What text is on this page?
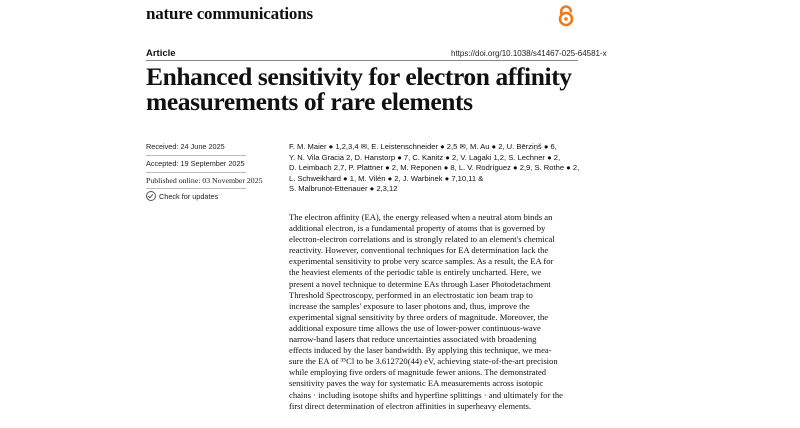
nature communications
Article	https://doi.org/10.1038/s41467-025-64581-x
Enhanced sensitivity for electron affinity
measurements of rare elements
Received: 24 June 2025
Accepted: 19 September 2025
Published online: 03 November 2025
Check for updates
F. M. Maier ● 1,2,3,4 ✉, E. Leistenschneider ● 2,5 ✉, M. Au ● 2, U. Bērziņš ● 6,
Y. N. Vila Gracia 2, D. Hanstorp ● 7, C. Kanitz ● 2, V. Lagaki 1,2, S. Lechner ● 2,
D. Leimbach 2,7, P. Plattner ● 2, M. Reponen ● 8, L. V. Rodríguez ● 2,9, S. Rothe ● 2,
L. Schweikhard ● 1, M. Vilén ● 2, J. Warbinek ● 7,10,11 &
S. Malbrunot-Ettenauer ● 2,3,12
The electron affinity (EA), the energy released when a neutral atom binds an
additional electron, is a fundamental property of atoms that is governed by
electron-electron correlations and is strongly related to an element's chemical
reactivity. However, conventional techniques for EA determination lack the
experimental sensitivity to probe very scarce samples. As a result, the EA for
the heaviest elements of the periodic table is entirely uncharted. Here, we
present a novel technique to determine EAs through Laser Photodetachment
Threshold Spectroscopy, performed in an electrostatic ion beam trap to
increase the samples' exposure to laser photons and, thus, improve the
experimental signal sensitivity by three orders of magnitude. Moreover, the
additional exposure time allows the use of lower-power continuous-wave
narrow-band lasers that reduce uncertainties associated with broadening
effects induced by the laser bandwidth. By applying this technique, we mea-
sure the EA of ³⁵Cl to be 3.612720(44) eV, achieving state-of-the-art precision
while employing five orders of magnitude fewer anions. The demonstrated
sensitivity paves the way for systematic EA measurements across isotopic
chains · including isotope shifts and hyperfine splittings · and ultimately for the
first direct determination of electron affinities in superheavy elements.
